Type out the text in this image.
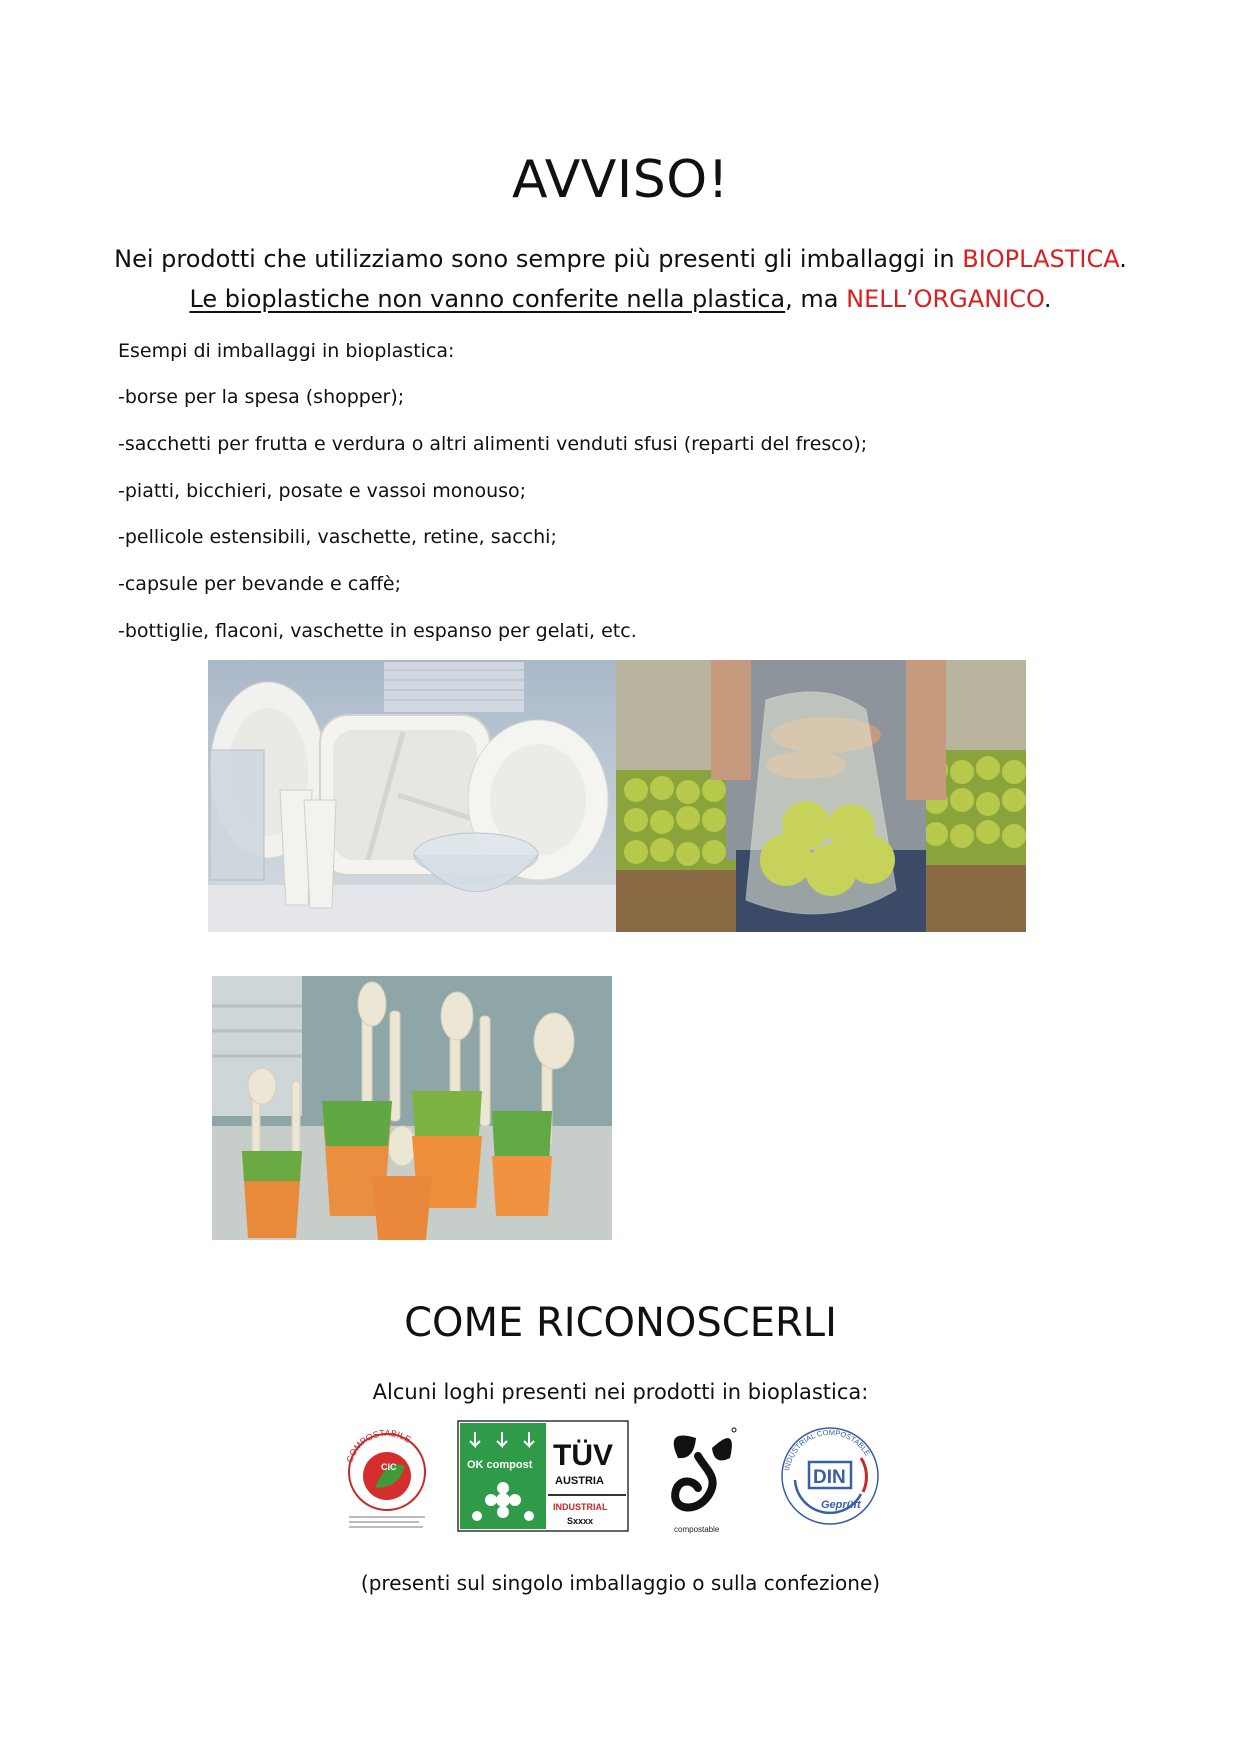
AVVISO!
Nei prodotti che utilizziamo sono sempre più presenti gli imballaggi in BIOPLASTICA.
Le bioplastiche non vanno conferite nella plastica, ma NELL’ORGANICO.
Esempi di imballaggi in bioplastica:
-borse per la spesa (shopper);
-sacchetti per frutta e verdura o altri alimenti venduti sfusi (reparti del fresco);
-piatti, bicchieri, posate e vassoi monouso;
-pellicole estensibili, vaschette, retine, sacchi;
-capsule per bevande e caffè;
-bottiglie, flaconi, vaschette in espanso per gelati, etc.
COME RICONOSCERLI
Alcuni loghi presenti nei prodotti in bioplastica:
COMPOSTABILE
CIC	OK compost TÜV
AUSTRIA
INDUSTRIAL
Sxxxx
compostable
INDUSTRIAL COMPOSTABLE
DIN
Geprüft
(presenti sul singolo imballaggio o sulla confezione)
